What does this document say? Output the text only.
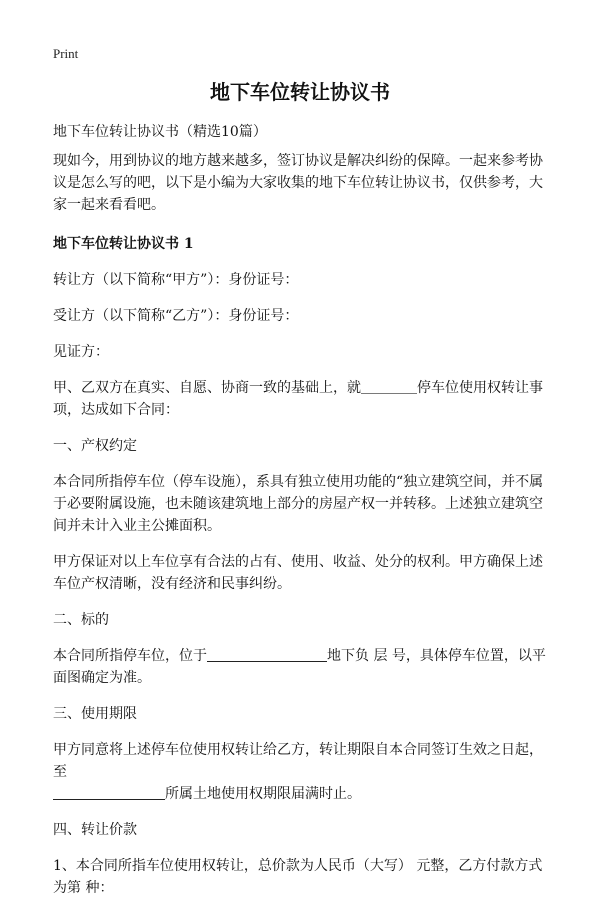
Print
地下车位转让协议书

地下车位转让协议书（精选10篇）

现如今，用到协议的地方越来越多，签订协议是解决纠纷的保障。一起来参考协议是怎么写的吧，以下是小编为大家收集的地下车位转让协议书，仅供参考，大家一起来看看吧。

地下车位转让协议书 1

转让方（以下简称“甲方”）：身份证号：

受让方（以下简称“乙方”）：身份证号：

见证方：

甲、乙双方在真实、自愿、协商一致的基础上，就＿＿＿＿停车位使用权转让事项，达成如下合同：

一、产权约定

本合同所指停车位（停车设施），系具有独立使用功能的“独立建筑空间，并不属于必要附属设施，也未随该建筑地上部分的房屋产权一并转移。上述独立建筑空间并未计入业主公摊面积。

甲方保证对以上车位享有合法的占有、使用、收益、处分的权利。甲方确保上述车位产权清晰，没有经济和民事纠纷。

二、标的

本合同所指停车位，位于	地下负 层 号，具体停车位置，以平面图确定为准。

三、使用期限

甲方同意将上述停车位使用权转让给乙方，转让期限自本合同签订生效之日起，至

所属土地使用权期限届满时止。

四、转让价款

1、本合同所指车位使用权转让，总价款为人民币（大写） 元整，乙方付款方式为第 种：
